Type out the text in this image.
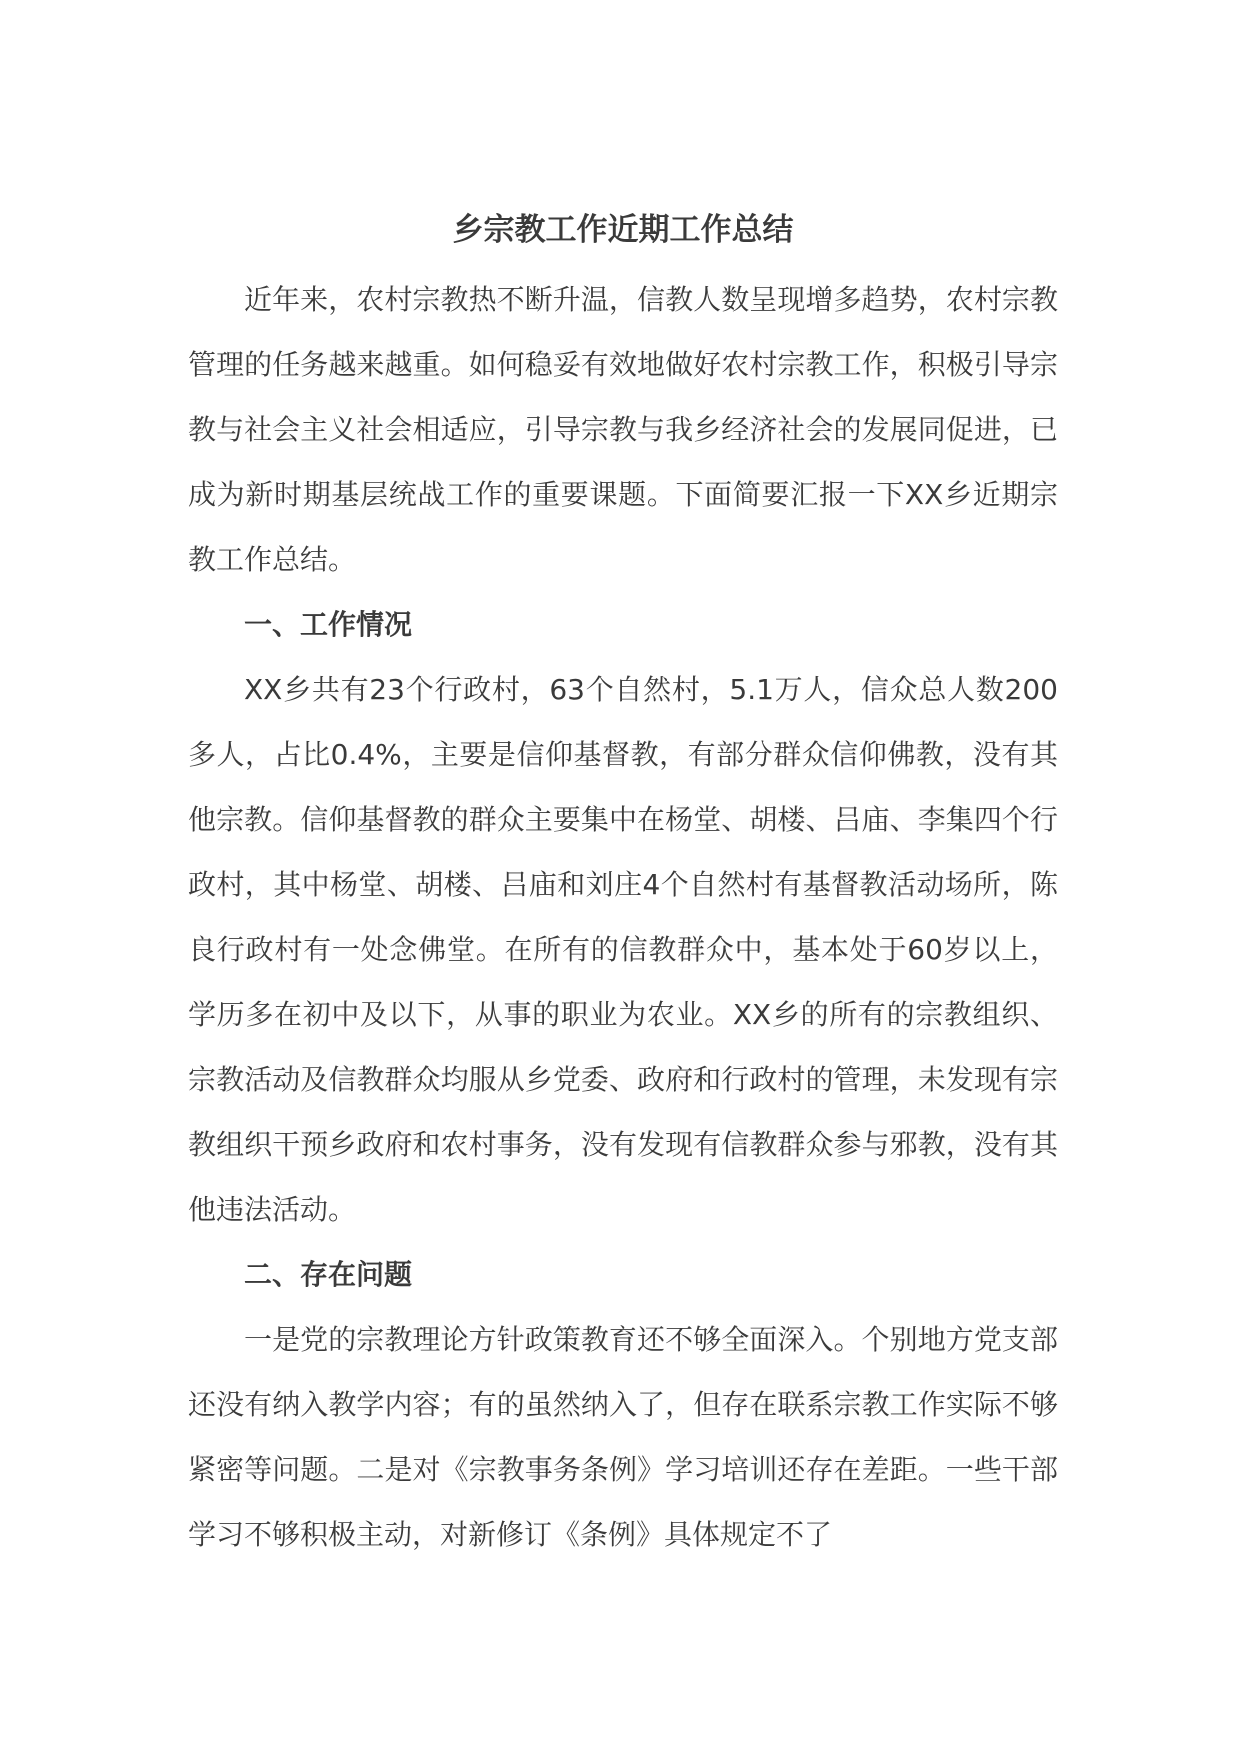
乡宗教工作近期工作总结

近年来，农村宗教热不断升温，信教人数呈现增多趋势，农村宗教管理的任务越来越重。如何稳妥有效地做好农村宗教工作，积极引导宗教与社会主义社会相适应，引导宗教与我乡经济社会的发展同促进，已成为新时期基层统战工作的重要课题。下面简要汇报一下XX乡近期宗教工作总结。

一、工作情况

XX乡共有23个行政村，63个自然村，5.1万人，信众总人数200多人，占比0.4%，主要是信仰基督教，有部分群众信仰佛教，没有其他宗教。信仰基督教的群众主要集中在杨堂、胡楼、吕庙、李集四个行政村，其中杨堂、胡楼、吕庙和刘庄4个自然村有基督教活动场所，陈良行政村有一处念佛堂。在所有的信教群众中，基本处于60岁以上，学历多在初中及以下，从事的职业为农业。XX乡的所有的宗教组织、宗教活动及信教群众均服从乡党委、政府和行政村的管理，未发现有宗教组织干预乡政府和农村事务，没有发现有信教群众参与邪教，没有其他违法活动。

二、存在问题

一是党的宗教理论方针政策教育还不够全面深入。个别地方党支部还没有纳入教学内容；有的虽然纳入了，但存在联系宗教工作实际不够紧密等问题。二是对《宗教事务条例》学习培训还存在差距。一些干部学习不够积极主动，对新修订《条例》具体规定不了
